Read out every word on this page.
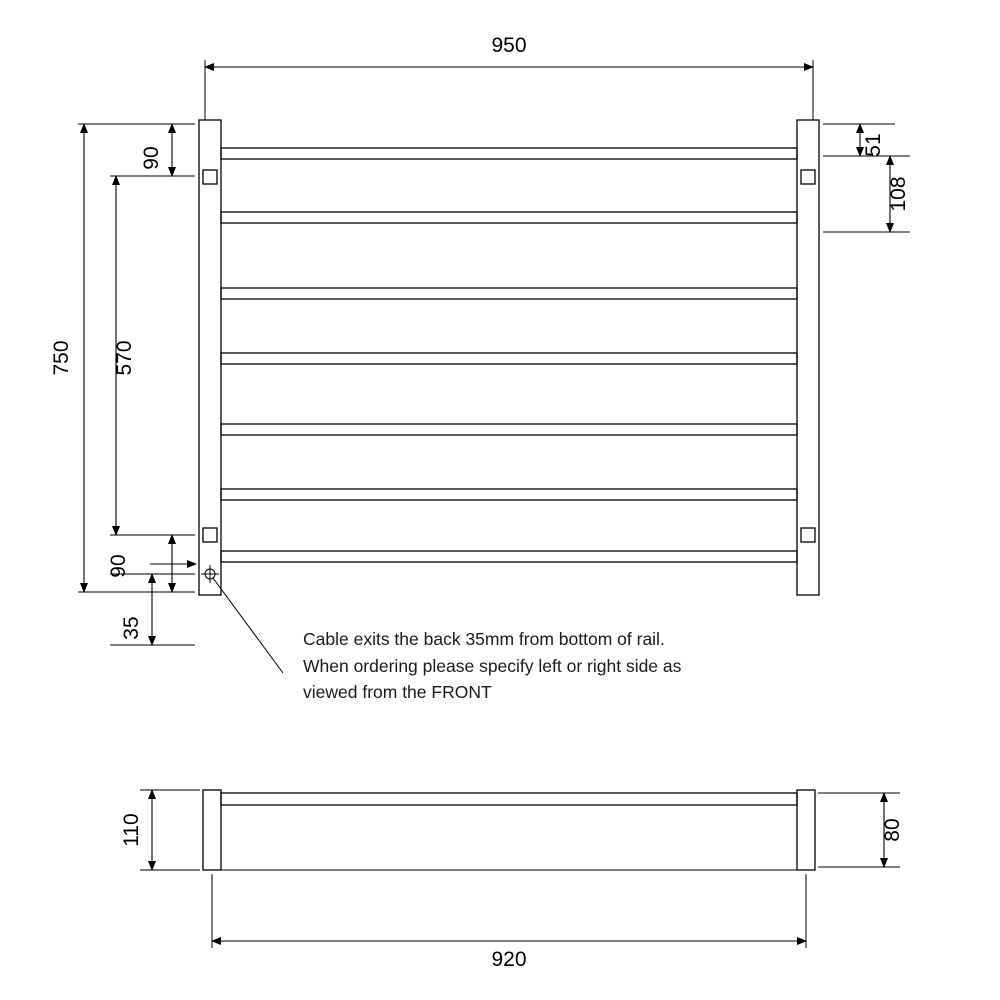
950
750
90
570
90
35
51
108
Cable exits the back 35mm from bottom of rail.
When ordering please specify left or right side as
viewed from the FRONT
110	80
920
